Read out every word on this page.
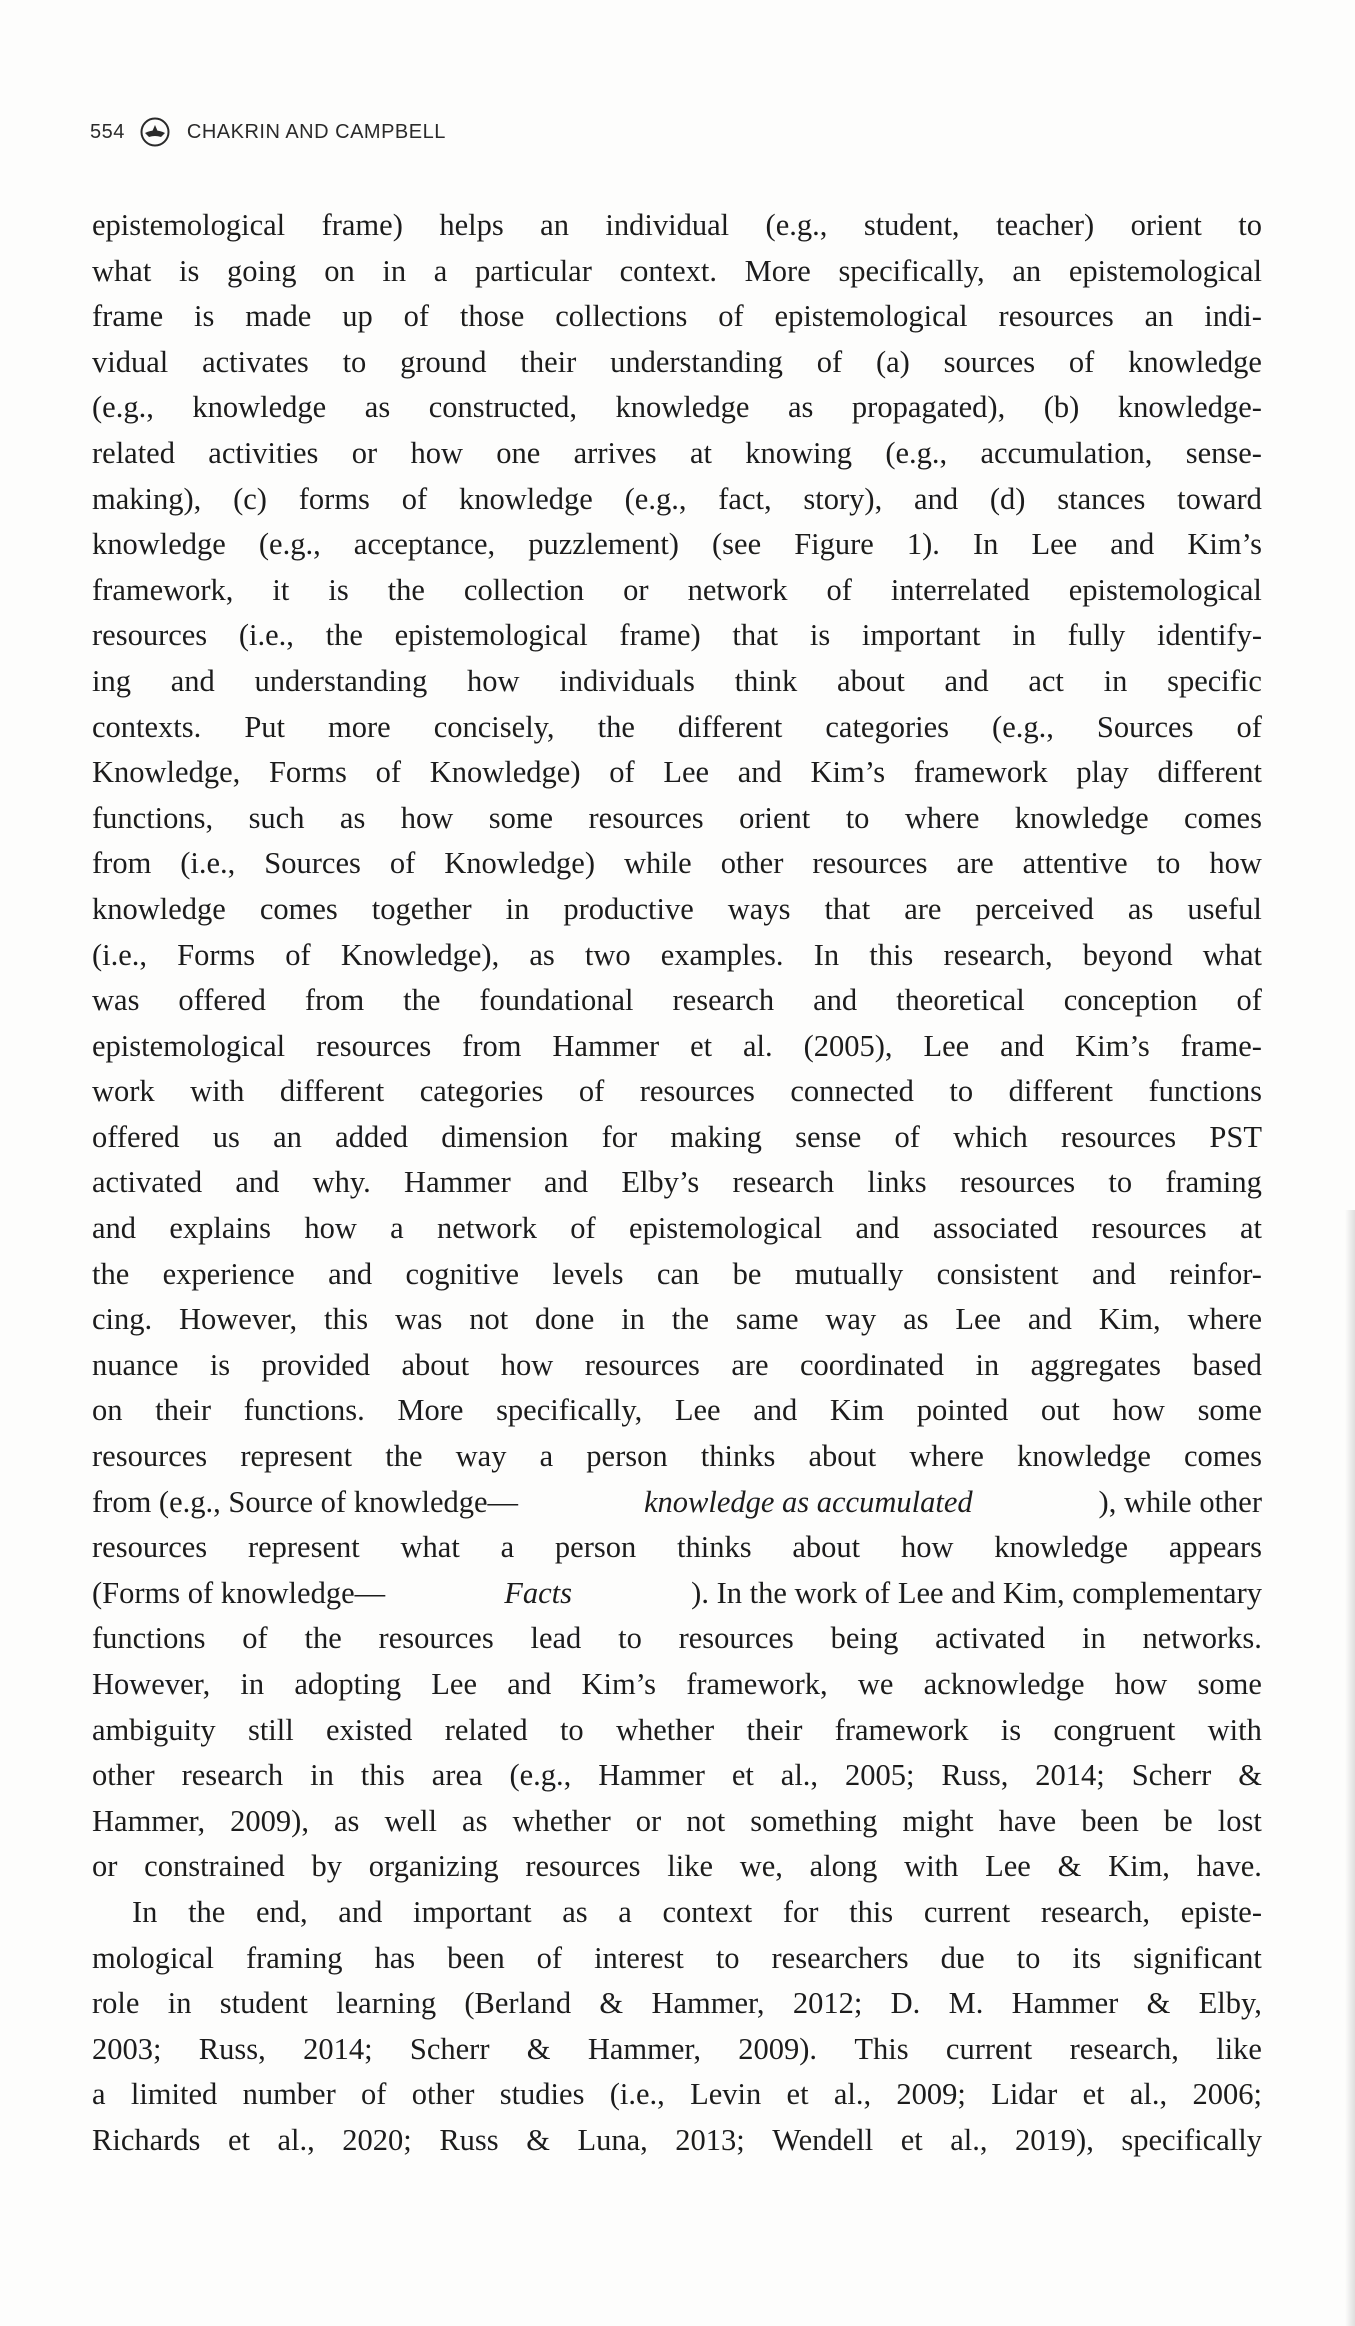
554	CHAKRIN AND CAMPBELL
epistemological frame) helps an individual (e.g., student, teacher) orient to
what is going on in a particular context. More specifically, an epistemological
frame is made up of those collections of epistemological resources an indi-
vidual activates to ground their understanding of (a) sources of knowledge
(e.g., knowledge as constructed, knowledge as propagated), (b) knowledge-
related activities or how one arrives at knowing (e.g., accumulation, sense-
making), (c) forms of knowledge (e.g., fact, story), and (d) stances toward
knowledge (e.g., acceptance, puzzlement) (see Figure 1). In Lee and Kim’s
framework, it is the collection or network of interrelated epistemological
resources (i.e., the epistemological frame) that is important in fully identify-
ing and understanding how individuals think about and act in specific
contexts. Put more concisely, the different categories (e.g., Sources of
Knowledge, Forms of Knowledge) of Lee and Kim’s framework play different
functions, such as how some resources orient to where knowledge comes
from (i.e., Sources of Knowledge) while other resources are attentive to how
knowledge comes together in productive ways that are perceived as useful
(i.e., Forms of Knowledge), as two examples. In this research, beyond what
was offered from the foundational research and theoretical conception of
epistemological resources from Hammer et al. (2005), Lee and Kim’s frame-
work with different categories of resources connected to different functions
offered us an added dimension for making sense of which resources PST
activated and why. Hammer and Elby’s research links resources to framing
and explains how a network of epistemological and associated resources at
the experience and cognitive levels can be mutually consistent and reinfor-
cing. However, this was not done in the same way as Lee and Kim, where
nuance is provided about how resources are coordinated in aggregates based
on their functions. More specifically, Lee and Kim pointed out how some
resources represent the way a person thinks about where knowledge comes
from (e.g., Source of knowledge—	knowledge as accumulated	), while other
resources represent what a person thinks about how knowledge appears
(Forms of knowledge—	Facts	). In the work of Lee and Kim, complementary
functions of the resources lead to resources being activated in networks.
However, in adopting Lee and Kim’s framework, we acknowledge how some
ambiguity still existed related to whether their framework is congruent with
other research in this area (e.g., Hammer et al., 2005; Russ, 2014; Scherr &
Hammer, 2009), as well as whether or not something might have been be lost
or constrained by organizing resources like we, along with Lee & Kim, have.
In the end, and important as a context for this current research, episte-
mological framing has been of interest to researchers due to its significant
role in student learning (Berland & Hammer, 2012; D. M. Hammer & Elby,
2003; Russ, 2014; Scherr & Hammer, 2009). This current research, like
a limited number of other studies (i.e., Levin et al., 2009; Lidar et al., 2006;
Richards et al., 2020; Russ & Luna, 2013; Wendell et al., 2019), specifically
